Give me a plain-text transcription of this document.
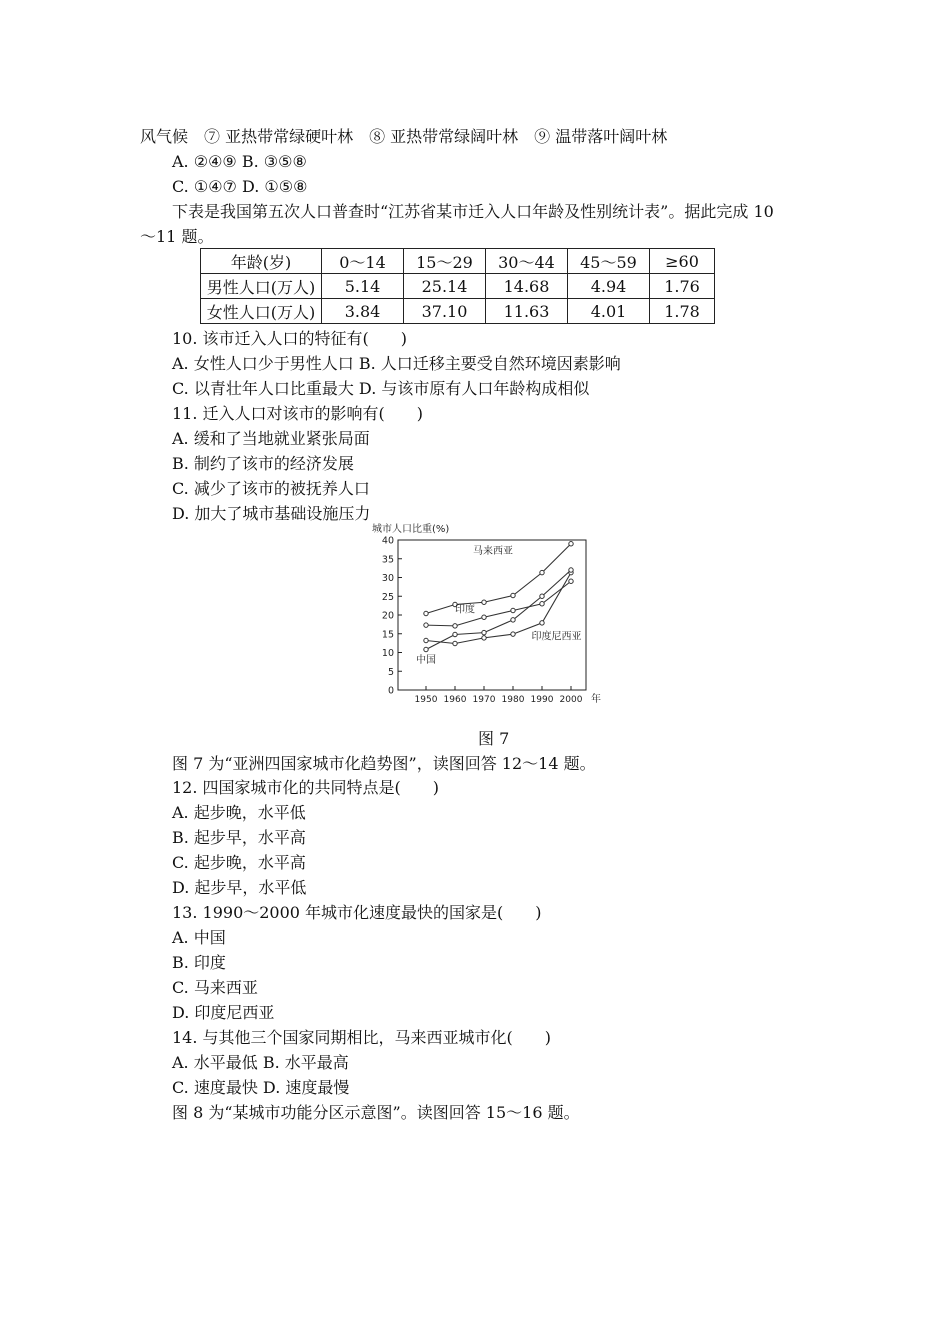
风气候　⑦ 亚热带常绿硬叶林　⑧ 亚热带常绿阔叶林　⑨ 温带落叶阔叶林
A. ②④⑨ B. ③⑤⑧
C. ①④⑦ D. ①⑤⑧
下表是我国第五次人口普查时“江苏省某市迁入人口年龄及性别统计表”。据此完成 10
～11 题。
年龄(岁)	0～14	15～29	30～44	45～59	≥60
男性人口(万人)	5.14	25.14	14.68	4.94	1.76
女性人口(万人)	3.84	37.10	11.63	4.01	1.78
10. 该市迁入人口的特征有(　　)
A. 女性人口少于男性人口 B. 人口迁移主要受自然环境因素影响
C. 以青壮年人口比重最大 D. 与该市原有人口年龄构成相似
11. 迁入人口对该市的影响有(　　)
A. 缓和了当地就业紧张局面
B. 制约了该市的经济发展
C. 减少了该市的被抚养人口
D. 加大了城市基础设施压力
城市人口比重(%)
0
5
10
15
20
25
30
35
40
1950 1960 1970 1980 1990 2000 年
马来西亚
印度
印度尼西亚
中国
图 7
图 7 为“亚洲四国家城市化趋势图”，读图回答 12～14 题。
12. 四国家城市化的共同特点是(　　)
A. 起步晚，水平低
B. 起步早，水平高
C. 起步晚，水平高
D. 起步早，水平低
13. 1990～2000 年城市化速度最快的国家是(　　)
A. 中国
B. 印度
C. 马来西亚
D. 印度尼西亚
14. 与其他三个国家同期相比，马来西亚城市化(　　)
A. 水平最低 B. 水平最高
C. 速度最快 D. 速度最慢
图 8 为“某城市功能分区示意图”。读图回答 15～16 题。
